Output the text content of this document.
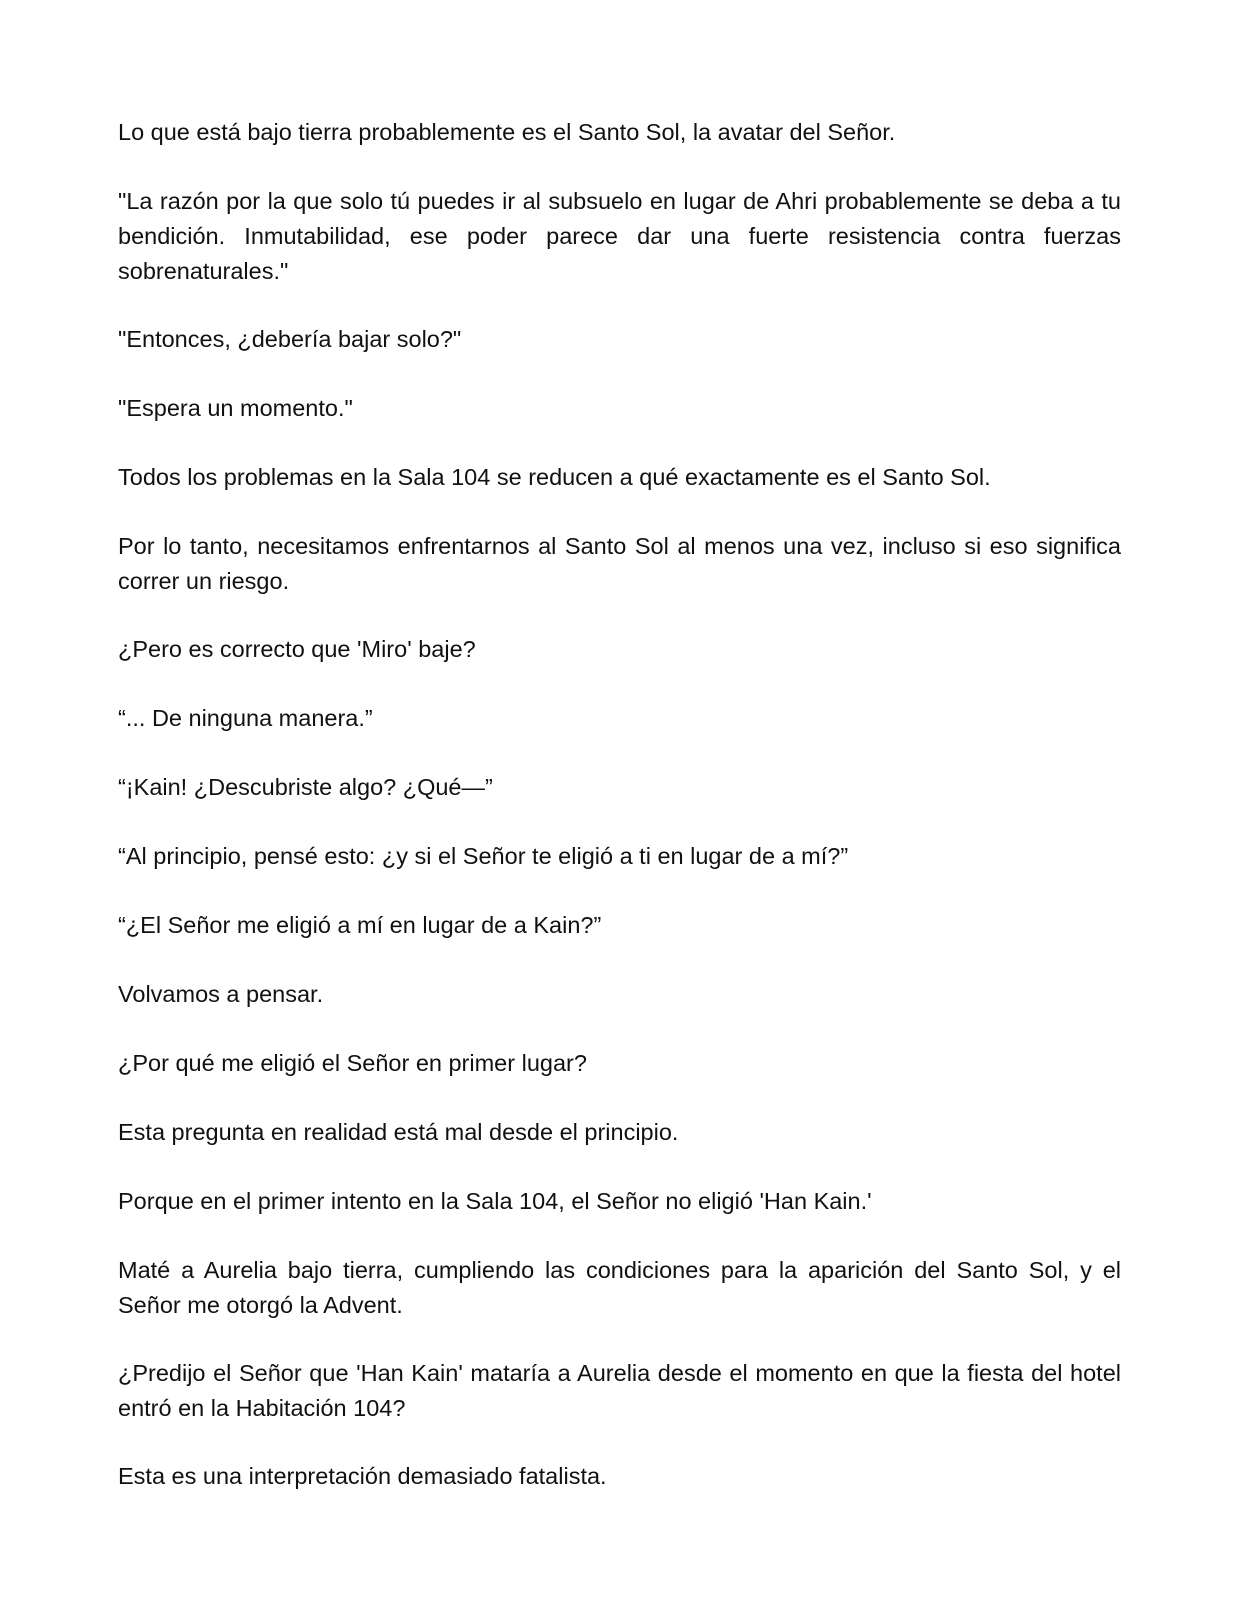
Lo que está bajo tierra probablemente es el Santo Sol, la avatar del Señor.

"La razón por la que solo tú puedes ir al subsuelo en lugar de Ahri probablemente se deba a tu bendición. Inmutabilidad, ese poder parece dar una fuerte resistencia contra fuerzas sobrenaturales."

"Entonces, ¿debería bajar solo?"

"Espera un momento."

Todos los problemas en la Sala 104 se reducen a qué exactamente es el Santo Sol.

Por lo tanto, necesitamos enfrentarnos al Santo Sol al menos una vez, incluso si eso significa correr un riesgo.

¿Pero es correcto que 'Miro' baje?

“... De ninguna manera.”

“¡Kain! ¿Descubriste algo? ¿Qué—”

“Al principio, pensé esto: ¿y si el Señor te eligió a ti en lugar de a mí?”

“¿El Señor me eligió a mí en lugar de a Kain?”

Volvamos a pensar.

¿Por qué me eligió el Señor en primer lugar?

Esta pregunta en realidad está mal desde el principio.

Porque en el primer intento en la Sala 104, el Señor no eligió 'Han Kain.'

Maté a Aurelia bajo tierra, cumpliendo las condiciones para la aparición del Santo Sol, y el Señor me otorgó la Advent.

¿Predijo el Señor que 'Han Kain' mataría a Aurelia desde el momento en que la fiesta del hotel entró en la Habitación 104?

Esta es una interpretación demasiado fatalista.
